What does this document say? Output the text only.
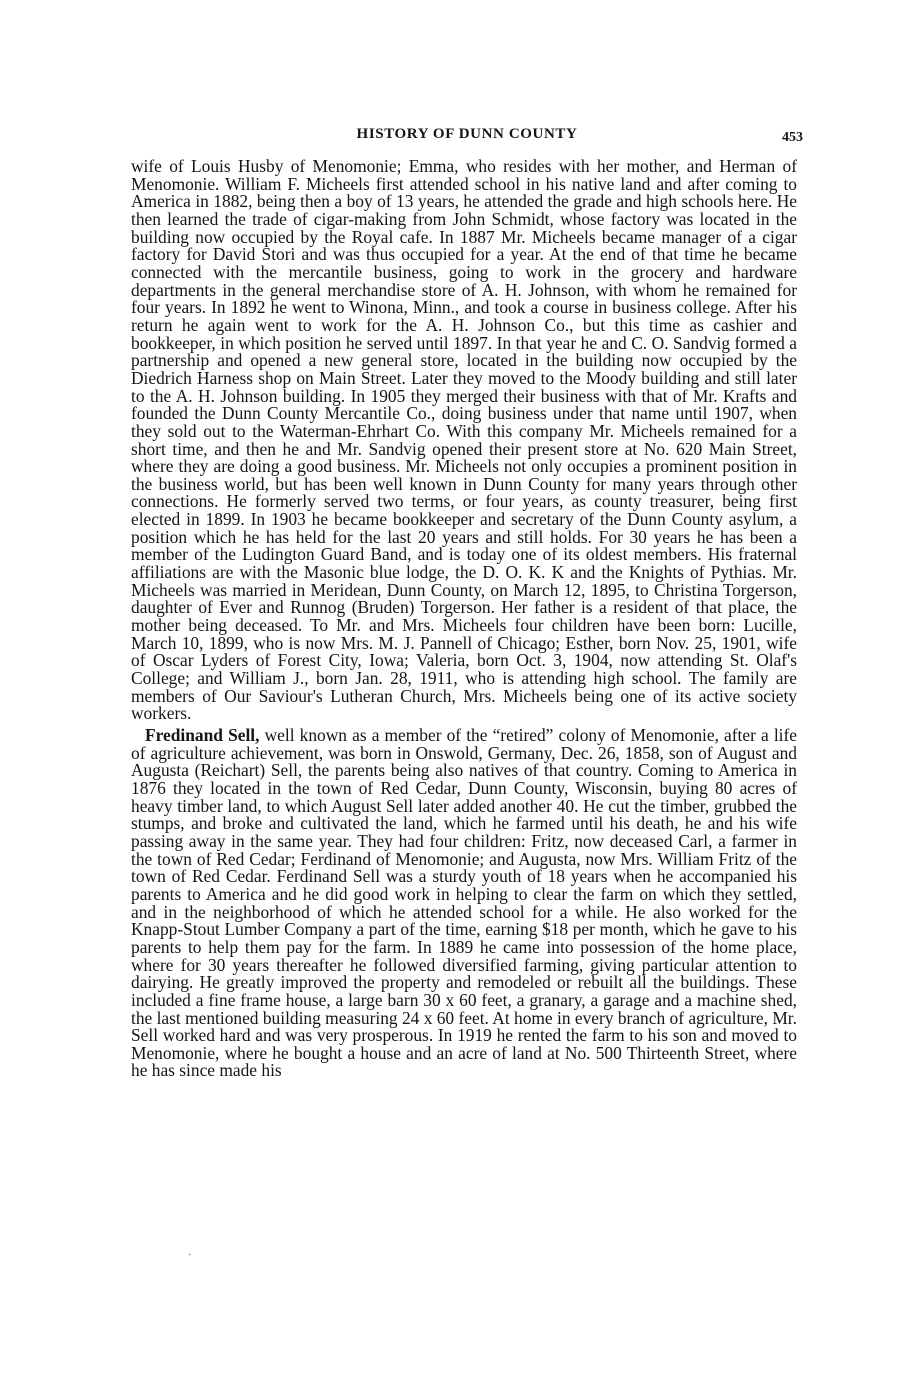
HISTORY OF DUNN COUNTY	453

wife of Louis Husby of Menomonie; Emma, who resides with her mother, and Herman of Menomonie. William F. Micheels first attended school in his native land and after coming to America in 1882, being then a boy of 13 years, he attended the grade and high schools here. He then learned the trade of cigar-making from John Schmidt, whose factory was located in the building now occupied by the Royal cafe. In 1887 Mr. Micheels became manager of a cigar factory for David Stori and was thus occupied for a year. At the end of that time he became connected with the mercantile business, going to work in the grocery and hardware departments in the general merchandise store of A. H. Johnson, with whom he remained for four years. In 1892 he went to Winona, Minn., and took a course in business college. After his return he again went to work for the A. H. Johnson Co., but this time as cashier and bookkeeper, in which position he served until 1897. In that year he and C. O. Sandvig formed a partnership and opened a new general store, located in the building now occupied by the Diedrich Harness shop on Main Street. Later they moved to the Moody building and still later to the A. H. Johnson building. In 1905 they merged their business with that of Mr. Krafts and founded the Dunn County Mercantile Co., doing business under that name until 1907, when they sold out to the Waterman-Ehrhart Co. With this company Mr. Micheels remained for a short time, and then he and Mr. Sandvig opened their present store at No. 620 Main Street, where they are doing a good business. Mr. Micheels not only occupies a prominent position in the business world, but has been well known in Dunn County for many years through other connections. He formerly served two terms, or four years, as county treasurer, being first elected in 1899. In 1903 he became bookkeeper and secretary of the Dunn County asylum, a position which he has held for the last 20 years and still holds. For 30 years he has been a member of the Ludington Guard Band, and is today one of its oldest members. His fraternal affiliations are with the Masonic blue lodge, the D. O. K. K and the Knights of Pythias. Mr. Micheels was married in Meridean, Dunn County, on March 12, 1895, to Christina Torgerson, daughter of Ever and Runnog (Bruden) Torgerson. Her father is a resident of that place, the mother being deceased. To Mr. and Mrs. Micheels four children have been born: Lucille, March 10, 1899, who is now Mrs. M. J. Pannell of Chicago; Esther, born Nov. 25, 1901, wife of Oscar Lyders of Forest City, Iowa; Valeria, born Oct. 3, 1904, now attending St. Olaf's College; and William J., born Jan. 28, 1911, who is attending high school. The family are members of Our Saviour's Lutheran Church, Mrs. Micheels being one of its active society workers.

Fredinand Sell, well known as a member of the “retired” colony of Menomonie, after a life of agriculture achievement, was born in Onswold, Germany, Dec. 26, 1858, son of August and Augusta (Reichart) Sell, the parents being also natives of that country. Coming to America in 1876 they located in the town of Red Cedar, Dunn County, Wisconsin, buying 80 acres of heavy timber land, to which August Sell later added another 40. He cut the timber, grubbed the stumps, and broke and cultivated the land, which he farmed until his death, he and his wife passing away in the same year. They had four children: Fritz, now deceased Carl, a farmer in the town of Red Cedar; Ferdinand of Menomonie; and Augusta, now Mrs. William Fritz of the town of Red Cedar. Ferdinand Sell was a sturdy youth of 18 years when he accompanied his parents to America and he did good work in helping to clear the farm on which they settled, and in the neighborhood of which he attended school for a while. He also worked for the Knapp-Stout Lumber Company a part of the time, earning $18 per month, which he gave to his parents to help them pay for the farm. In 1889 he came into possession of the home place, where for 30 years thereafter he followed diversified farming, giving particular attention to dairying. He greatly improved the property and remodeled or rebuilt all the buildings. These included a fine frame house, a large barn 30 x 60 feet, a granary, a garage and a machine shed, the last mentioned building measuring 24 x 60 feet. At home in every branch of agriculture, Mr. Sell worked hard and was very prosperous. In 1919 he rented the farm to his son and moved to Menomonie, where he bought a house and an acre of land at No. 500 Thirteenth Street, where he has since made his

·
